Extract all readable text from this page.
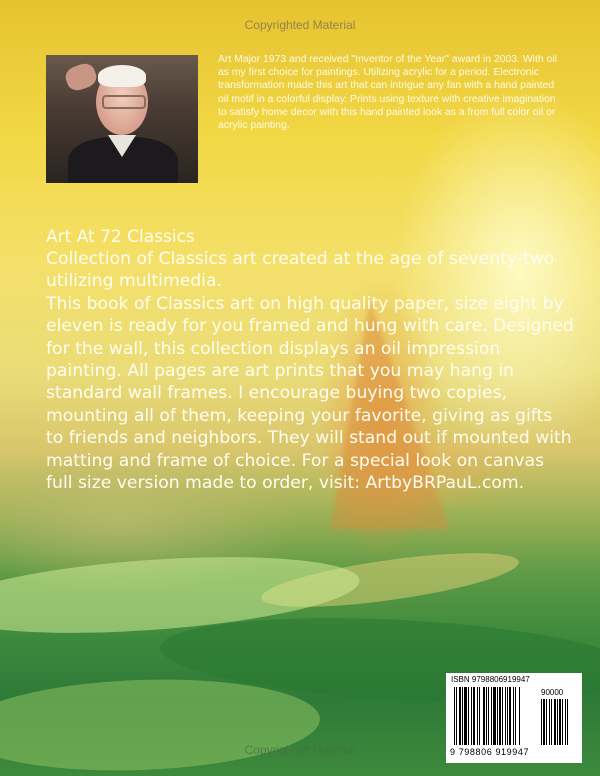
Copyrighted Material

Art Major 1973 and received "Inventor of the Year" award in 2003. With oil as my first choice for paintings. Utilizing acrylic for a period. Electronic transformation made this art that can intrigue any fan with a hand painted oil motif in a colorful display. Prints using texture with creative imagination to satisfy home decor with this hand painted look as a from full color oil or acrylic painting.

Art At 72 Classics

Collection of Classics art created at the age of seventy-two utilizing multimedia.

This book of Classics art on high quality paper, size eight by eleven is ready for you framed and hung with care. Designed for the wall, this collection displays an oil impression painting. All pages are art prints that you may hang in standard wall frames. I encourage buying two copies, mounting all of them, keeping your favorite, giving as gifts to friends and neighbors. They will stand out if mounted with matting and frame of choice. For a special look on canvas full size version made to order, visit: ArtbyBRPauL.com.

ISBN 9798806919947
90000
9 798806 919947
Copyrighted Material
